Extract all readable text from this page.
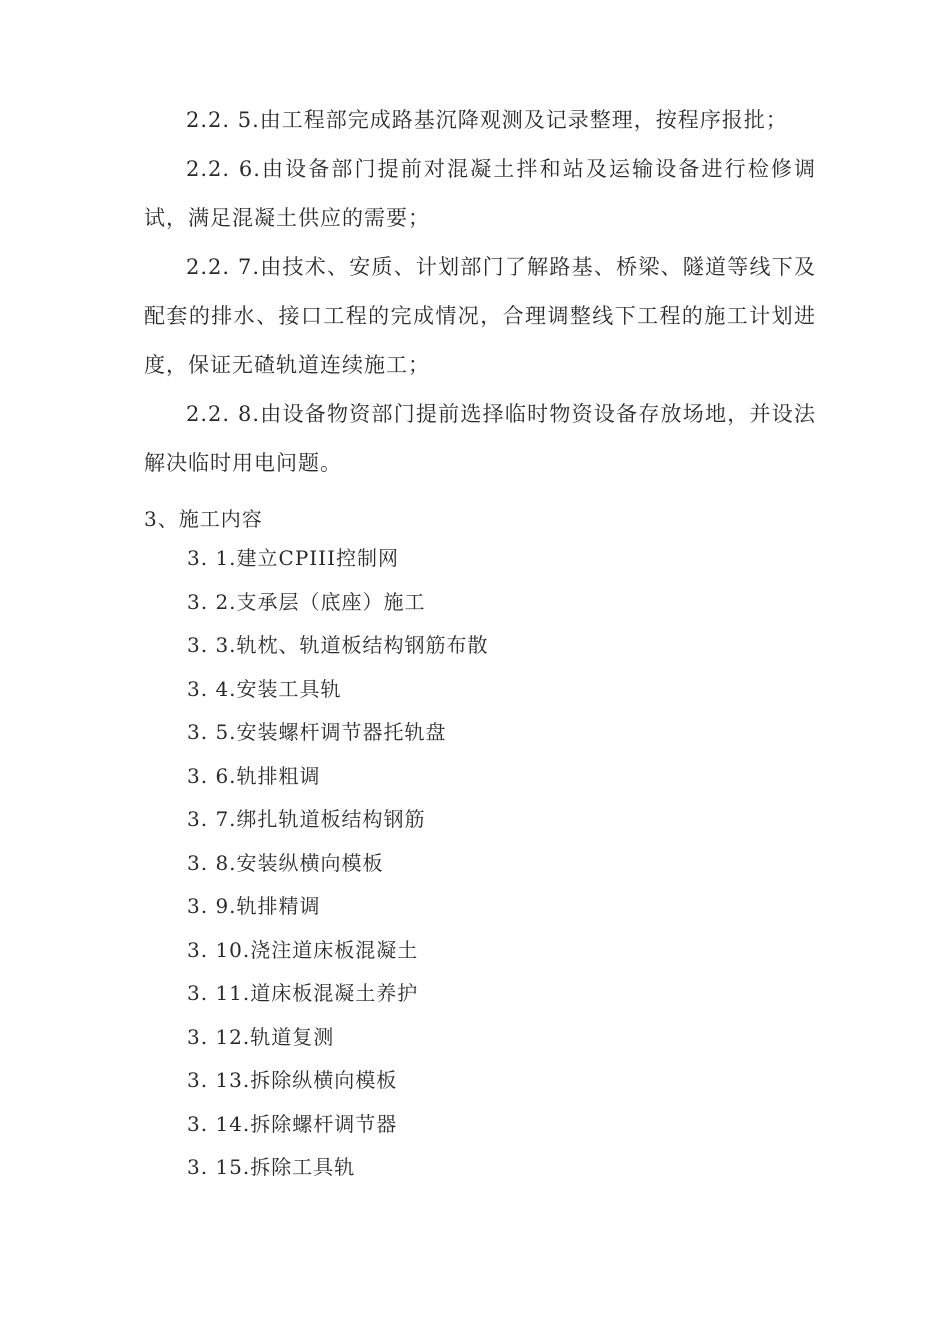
2.2. 5.由工程部完成路基沉降观测及记录整理，按程序报批；

2.2. 6.由设备部门提前对混凝土拌和站及运输设备进行检修调试，满足混凝土供应的需要；

2.2. 7.由技术、安质、计划部门了解路基、桥梁、隧道等线下及配套的排水、接口工程的完成情况，合理调整线下工程的施工计划进度，保证无碴轨道连续施工；

2.2. 8.由设备物资部门提前选择临时物资设备存放场地，并设法解决临时用电问题。

3、施工内容
3. 1.建立CPIII控制网
3. 2.支承层（底座）施工
3. 3.轨枕、轨道板结构钢筋布散
3. 4.安装工具轨
3. 5.安装螺杆调节器托轨盘
3. 6.轨排粗调
3. 7.绑扎轨道板结构钢筋
3. 8.安装纵横向模板
3. 9.轨排精调
3. 10.浇注道床板混凝土
3. 11.道床板混凝土养护
3. 12.轨道复测
3. 13.拆除纵横向模板
3. 14.拆除螺杆调节器
3. 15.拆除工具轨
